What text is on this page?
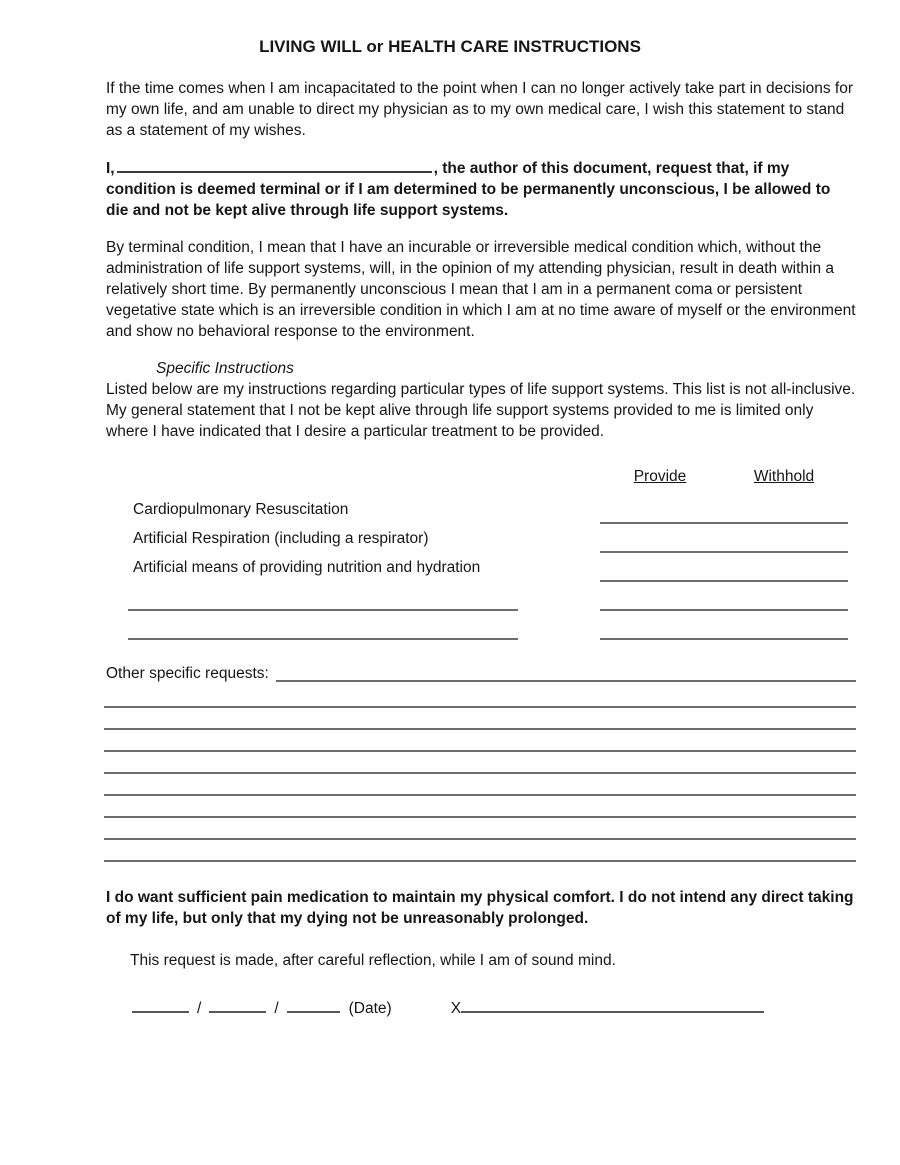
LIVING WILL or HEALTH CARE INSTRUCTIONS

If the time comes when I am incapacitated to the point when I can no longer actively take part in decisions for my own life, and am unable to direct my physician as to my own medical care, I wish this statement to stand as a statement of my wishes.

I,	, the author of this document, request that, if my condition is deemed terminal or if I am determined to be permanently unconscious, I be allowed to die and not be kept alive through life support systems.

By terminal condition, I mean that I have an incurable or irreversible medical condition which, without the administration of life support systems, will, in the opinion of my attending physician, result in death within a relatively short time. By permanently unconscious I mean that I am in a permanent coma or persistent vegetative state which is an irreversible condition in which I am at no time aware of myself or the environment and show no behavioral response to the environment.

Specific Instructions

Listed below are my instructions regarding particular types of life support systems. This list is not all-inclusive. My general statement that I not be kept alive through life support systems provided to me is limited only where I have indicated that I desire a particular treatment to be provided.

Provide	Withhold
Cardiopulmonary Resuscitation
Artificial Respiration (including a respirator)
Artificial means of providing nutrition and hydration
Other specific requests:

I do want sufficient pain medication to maintain my physical comfort. I do not intend any direct taking of my life, but only that my dying not be unreasonably prolonged.

This request is made, after careful reflection, while I am of sound mind.

/	/	(Date)	X
